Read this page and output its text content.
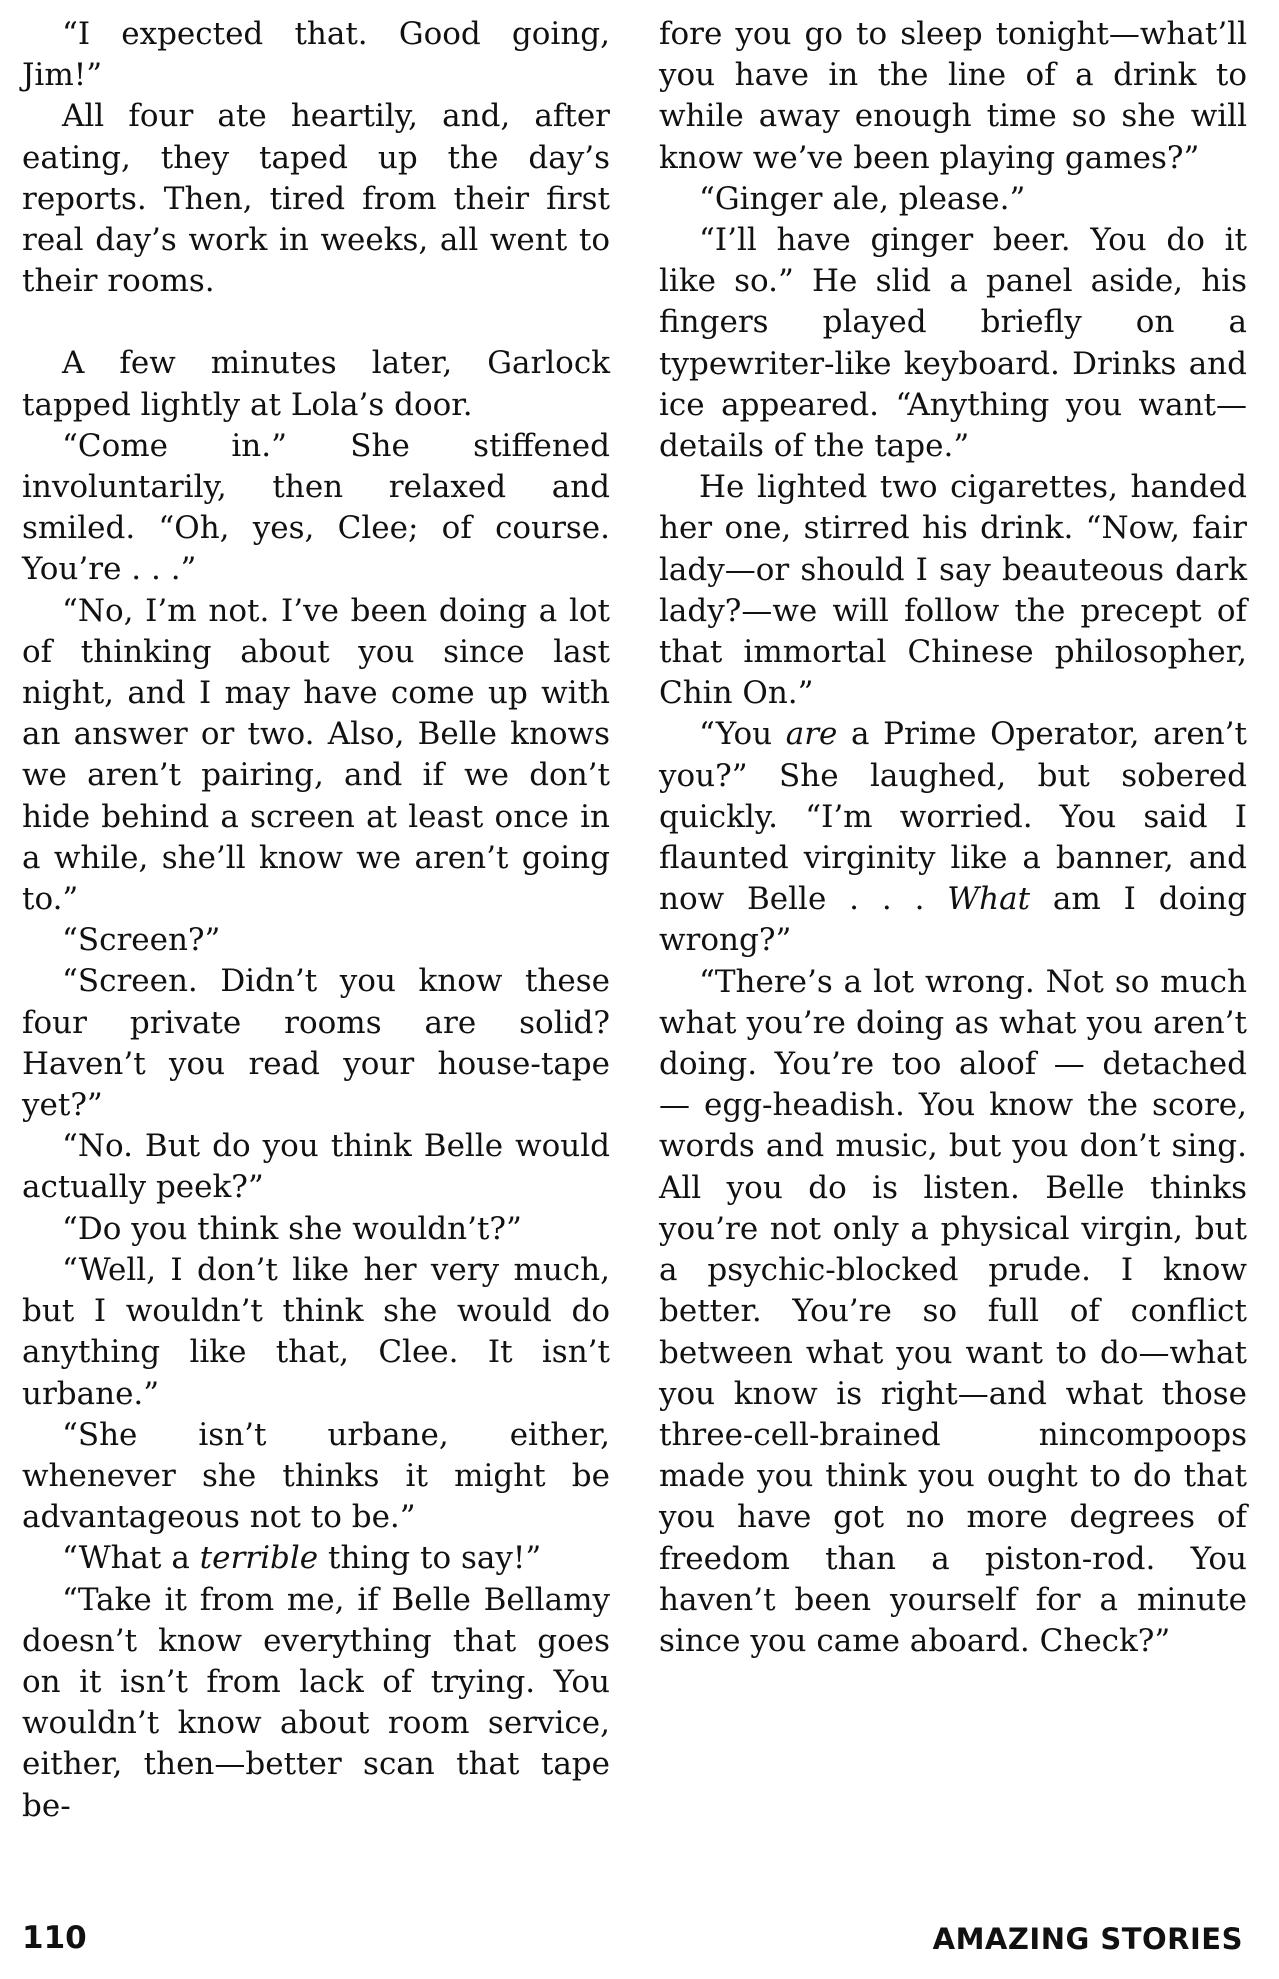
“I expected that. Good going, Jim!”

All four ate heartily, and, after eating, they taped up the day’s reports. Then, tired from their first real day’s work in weeks, all went to their rooms.

A few minutes later, Garlock tapped lightly at Lola’s door.

“Come in.” She stiffened involuntarily, then relaxed and smiled. “Oh, yes, Clee; of course. You’re . . .”

“No, I’m not. I’ve been doing a lot of thinking about you since last night, and I may have come up with an answer or two. Also, Belle knows we aren’t pairing, and if we don’t hide behind a screen at least once in a while, she’ll know we aren’t going to.”

“Screen?”

“Screen. Didn’t you know these four private rooms are solid? Haven’t you read your house-tape yet?”

“No. But do you think Belle would actually peek?”

“Do you think she wouldn’t?”

“Well, I don’t like her very much, but I wouldn’t think she would do anything like that, Clee. It isn’t urbane.”

“She isn’t urbane, either, whenever she thinks it might be advantageous not to be.”

“What a terrible thing to say!”

“Take it from me, if Belle Bellamy doesn’t know everything that goes on it isn’t from lack of trying. You wouldn’t know about room service, either, then—better scan that tape be-

fore you go to sleep tonight—what’ll you have in the line of a drink to while away enough time so she will know we’ve been playing games?”

“Ginger ale, please.”

“I’ll have ginger beer. You do it like so.” He slid a panel aside, his fingers played briefly on a typewriter-like keyboard. Drinks and ice appeared. “Anything you want—details of the tape.”

He lighted two cigarettes, handed her one, stirred his drink. “Now, fair lady—or should I say beauteous dark lady?—we will follow the precept of that immortal Chinese philosopher, Chin On.”

“You are a Prime Operator, aren’t you?” She laughed, but sobered quickly. “I’m worried. You said I flaunted virginity like a banner, and now Belle . . . What am I doing wrong?”

“There’s a lot wrong. Not so much what you’re doing as what you aren’t doing. You’re too aloof — detached — egg-headish. You know the score, words and music, but you don’t sing. All you do is listen. Belle thinks you’re not only a physical virgin, but a psychic-blocked prude. I know better. You’re so full of conflict between what you want to do—what you know is right—and what those three-cell-brained nincompoops made you think you ought to do that you have got no more degrees of freedom than a piston-rod. You haven’t been yourself for a minute since you came aboard. Check?”

110	AMAZING STORIES
